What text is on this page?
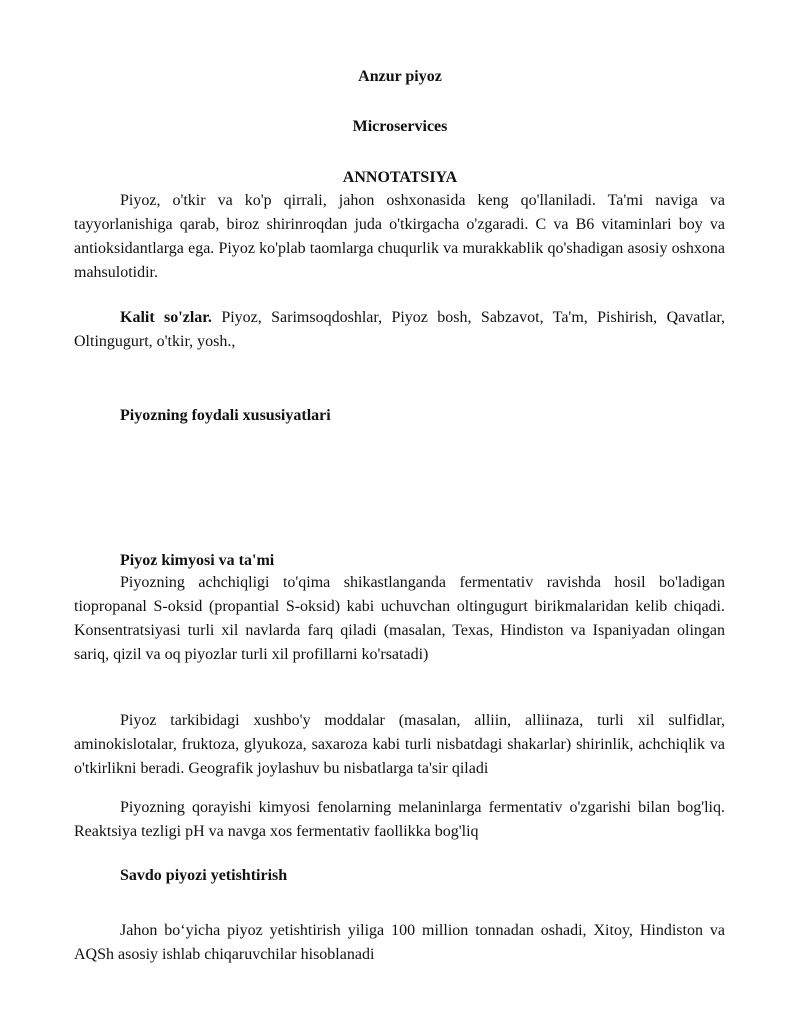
Anzur piyoz

Microservices

ANNOTATSIYA

Piyoz, o'tkir va ko'p qirrali, jahon oshxonasida keng qo'llaniladi. Ta'mi naviga va tayyorlanishiga qarab, biroz shirinroqdan juda o'tkirgacha o'zgaradi. C va B6 vitaminlari boy va antioksidantlarga ega. Piyoz ko'plab taomlarga chuqurlik va murakkablik qo'shadigan asosiy oshxona mahsulotidir.

Kalit so'zlar. Piyoz, Sarimsoqdoshlar, Piyoz bosh, Sabzavot, Ta'm, Pishirish, Qavatlar, Oltingugurt, o'tkir, yosh.,

Piyozning foydali xususiyatlari

Piyoz kimyosi va ta'mi

Piyozning achchiqligi to'qima shikastlanganda fermentativ ravishda hosil bo'ladigan tiopropanal S-oksid (propantial S-oksid) kabi uchuvchan oltingugurt birikmalaridan kelib chiqadi. Konsentratsiyasi turli xil navlarda farq qiladi (masalan, Texas, Hindiston va Ispaniyadan olingan sariq, qizil va oq piyozlar turli xil profillarni ko'rsatadi)

Piyoz tarkibidagi xushbo'y moddalar (masalan, alliin, alliinaza, turli xil sulfidlar, aminokislotalar, fruktoza, glyukoza, saxaroza kabi turli nisbatdagi shakarlar) shirinlik, achchiqlik va o'tkirlikni beradi. Geografik joylashuv bu nisbatlarga ta'sir qiladi

Piyozning qorayishi kimyosi fenolarning melaninlarga fermentativ o'zgarishi bilan bog'liq. Reaktsiya tezligi pH va navga xos fermentativ faollikka bog'liq

Savdo piyozi yetishtirish

Jahon bo‘yicha piyoz yetishtirish yiliga 100 million tonnadan oshadi, Xitoy, Hindiston va AQSh asosiy ishlab chiqaruvchilar hisoblanadi
